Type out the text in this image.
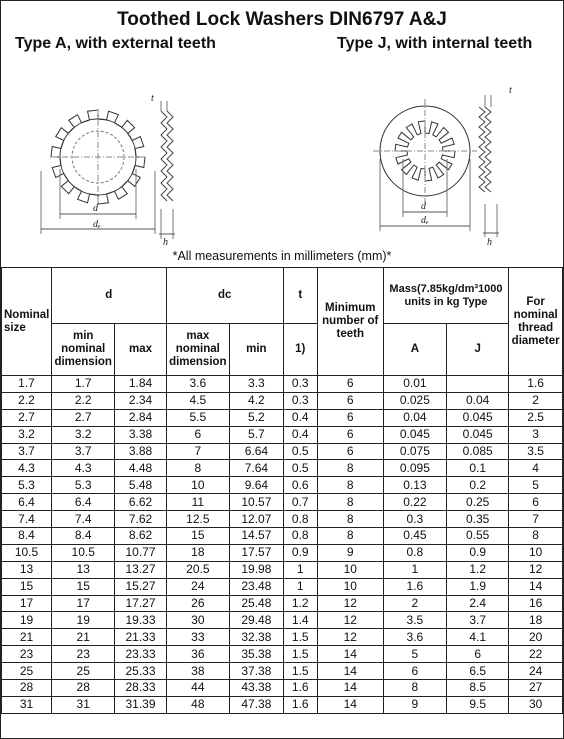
Toothed Lock Washers DIN6797 A&J
Type A, with external teeth	Type J, with internal teeth
t
d
dₑ
h
t
d
dₑ
h
*All measurements in millimeters (mm)*
Nominal size	d		dc		t	Minimum number of teeth	Mass(7.85kg/dm³1000 units in kg Type		For nominal thread diameter
	min nominal dimension	max	max nominal dimension	min	1)		A	J	
1.7	1.7	1.84	3.6	3.3	0.3	6	0.01		1.6
2.2	2.2	2.34	4.5	4.2	0.3	6	0.025	0.04	2
2.7	2.7	2.84	5.5	5.2	0.4	6	0.04	0.045	2.5
3.2	3.2	3.38	6	5.7	0.4	6	0.045	0.045	3
3.7	3.7	3.88	7	6.64	0.5	6	0.075	0.085	3.5
4.3	4.3	4.48	8	7.64	0.5	8	0.095	0.1	4
5.3	5.3	5.48	10	9.64	0.6	8	0.13	0.2	5
6.4	6.4	6.62	11	10.57	0.7	8	0.22	0.25	6
7.4	7.4	7.62	12.5	12.07	0.8	8	0.3	0.35	7
8.4	8.4	8.62	15	14.57	0.8	8	0.45	0.55	8
10.5	10.5	10.77	18	17.57	0.9	9	0.8	0.9	10
13	13	13.27	20.5	19.98	1	10	1	1.2	12
15	15	15.27	24	23.48	1	10	1.6	1.9	14
17	17	17.27	26	25.48	1.2	12	2	2.4	16
19	19	19.33	30	29.48	1.4	12	3.5	3.7	18
21	21	21.33	33	32.38	1.5	12	3.6	4.1	20
23	23	23.33	36	35.38	1.5	14	5	6	22
25	25	25.33	38	37.38	1.5	14	6	6.5	24
28	28	28.33	44	43.38	1.6	14	8	8.5	27
31	31	31.39	48	47.38	1.6	14	9	9.5	30
